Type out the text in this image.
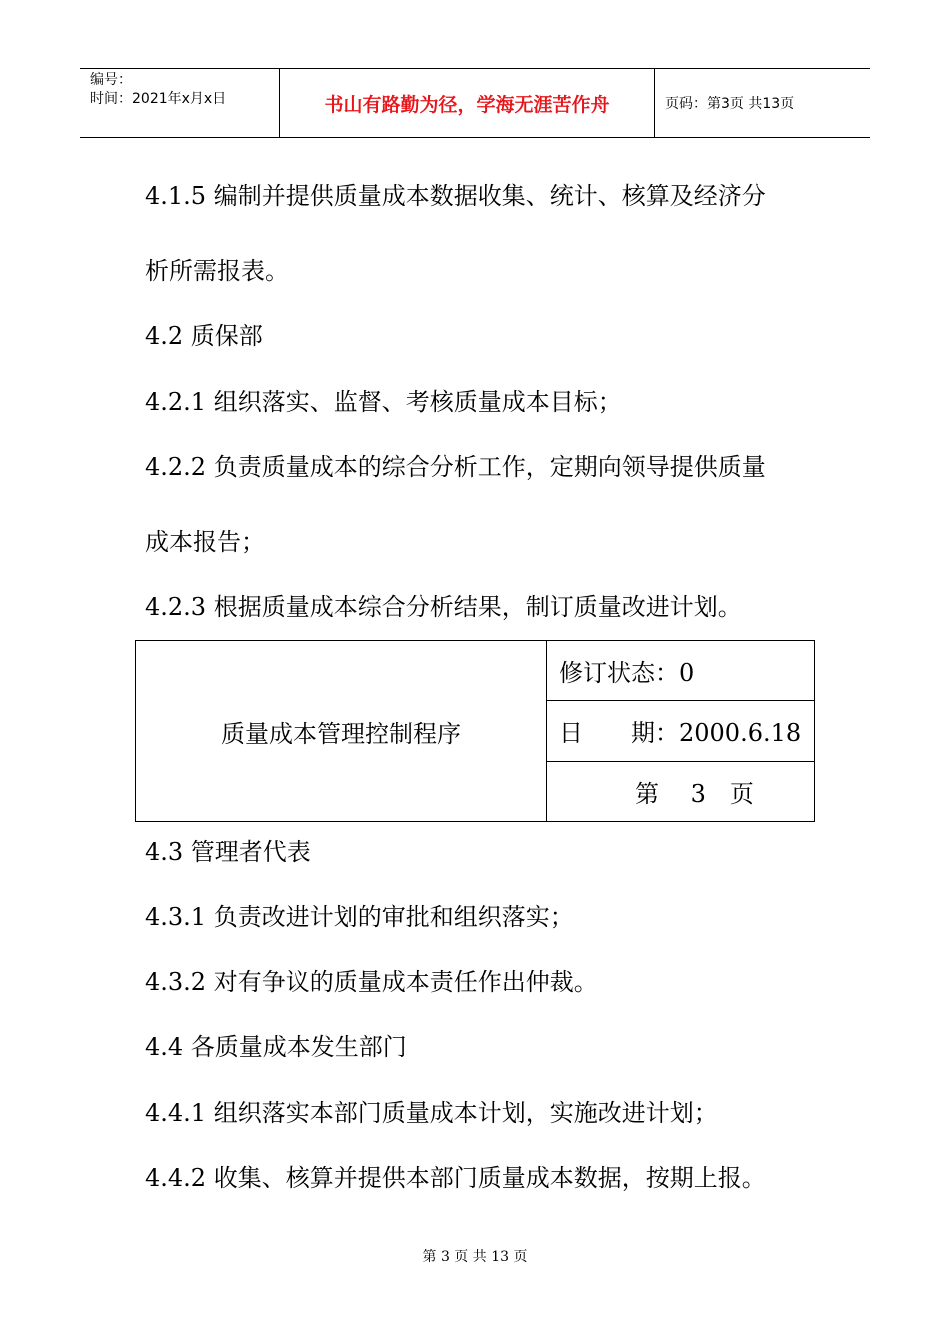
编号：
时间：2021年x月x日	书山有路勤为径，学海无涯苦作舟	页码：第3页 共13页
4.1.5 编制并提供质量成本数据收集、统计、核算及经济分
析所需报表。
4.2 质保部
4.2.1 组织落实、监督、考核质量成本目标；
4.2.2 负责质量成本的综合分析工作，定期向领导提供质量
成本报告；
4.2.3 根据质量成本综合分析结果，制订质量改进计划。
质量成本管理控制程序
修订状态：0
日　　期：2000.6.18
第　 3　页
4.3 管理者代表
4.3.1 负责改进计划的审批和组织落实；
4.3.2 对有争议的质量成本责任作出仲裁。
4.4 各质量成本发生部门
4.4.1 组织落实本部门质量成本计划，实施改进计划；
4.4.2 收集、核算并提供本部门质量成本数据，按期上报。
第 3 页 共 13 页
